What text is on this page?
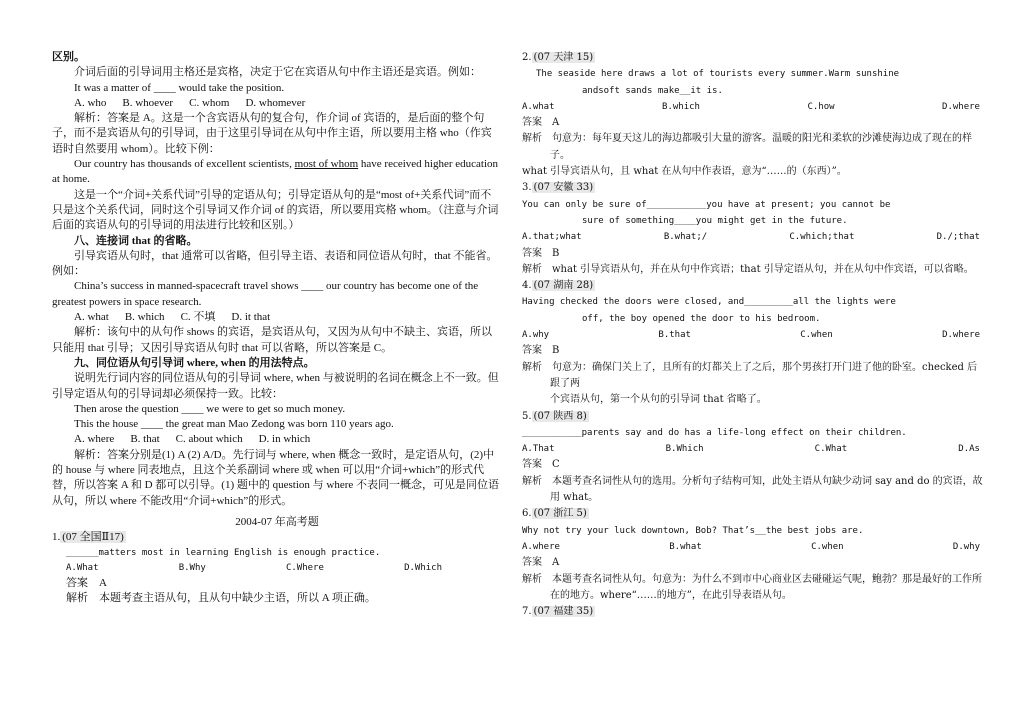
区别。

介词后面的引导词用主格还是宾格，决定于它在宾语从句中作主语还是宾语。例如：

It was a matter of ____ would take the position.

A. who B. whoever C. whom D. whomever

解析：答案是 A。这是一个含宾语从句的复合句，作介词 of 宾语的，是后面的整个句子，而不是宾语从句的引导词，由于这里引导词在从句中作主语，所以要用主格 who（作宾语时自然要用 whom）。比较下例：

Our country has thousands of excellent scientists, most of whom have received higher education at home.

这是一个“介词+关系代词”引导的定语从句；引导定语从句的是“most of+关系代词”而不只是这个关系代词，同时这个引导词又作介词 of 的宾语，所以要用宾格 whom。（注意与介词后面的宾语从句的引导词的用法进行比较和区别。）

八、连接词 that 的省略。

引导宾语从句时，that 通常可以省略，但引导主语、表语和同位语从句时，that 不能省。例如：

China’s success in manned-spacecraft travel shows ____ our country has become one of the greatest powers in space research.

A. what B. which C. 不填 D. it that

解析：该句中的从句作 shows 的宾语，是宾语从句，又因为从句中不缺主、宾语，所以只能用 that 引导；又因引导宾语从句时 that 可以省略，所以答案是 C。

九、同位语从句引导词 where, when 的用法特点。

说明先行词内容的同位语从句的引导词 where, when 与被说明的名词在概念上不一致。但引导定语从句的引导词却必须保持一致。比较：

Then arose the question ____ we were to get so much money.

This the house ____ the great man Mao Zedong was born 110 years ago.

A. where B. that C. about which D. in which

解析：答案分别是(1) A (2) A/D。先行词与 where, when 概念一致时，是定语从句，(2)中的 house 与 where 同表地点，且这个关系副词 where 或 when 可以用“介词+which”的形式代替，所以答案 A 和 D 都可以引导。(1) 题中的 question 与 where 不表同一概念，可见是同位语从句，所以 where 不能改用“介词+which”的形式。

2004-07 年高考题

1. (07 全国Ⅱ17)

______matters most in learning English is enough practice.

A.What	B.Why	C.Where	D.Which

答案　A

解析　本题考查主语从句，且从句中缺少主语，所以 A 项正确。

2. (07 天津 15)

The seaside here draws a lot of tourists every summer.Warm sunshine

andsoft sands make__it is.

A.what	B.which	C.how	D.where

答案　A

解析　句意为：每年夏天这儿的海边都吸引大量的游客。温暖的阳光和柔软的沙滩使海边成了现在的样子。

what 引导宾语从句，且 what 在从句中作表语，意为“……的（东西）”。

3. (07 安徽 33)

You can only be sure of___________you have at present; you cannot be

sure of something____you might get in the future.

A.that;what	B.what;/	C.which;that	D./;that

答案　B

解析　what 引导宾语从句，并在从句中作宾语；that 引导定语从句，并在从句中作宾语，可以省略。

4. (07 湖南 28)

Having checked the doors were closed, and_________all the lights were

off, the boy opened the door to his bedroom.

A.why	B.that	C.when	D.where

答案　B

解析　句意为：确保门关上了，且所有的灯都关上了之后，那个男孩打开门进了他的卧室。checked 后跟了两

个宾语从句，第一个从句的引导词 that 省略了。

5. (07 陕西 8)

___________parents say and do has a life-long effect on their children.

A.That	B.Which	C.What	D.As

答案　C

解析　本题考查名词性从句的选用。分析句子结构可知，此处主语从句缺少动词 say and do 的宾语，故用 what。

6. (07 浙江 5)

Why not try your luck downtown, Bob? That’s__the best jobs are.

A.where	B.what	C.when	D.why

答案　A

解析　本题考查名词性从句。句意为：为什么不到市中心商业区去碰碰运气呢，鲍勃？那是最好的工作所在的地方。where“……的地方”，在此引导表语从句。

7. (07 福建 35)
